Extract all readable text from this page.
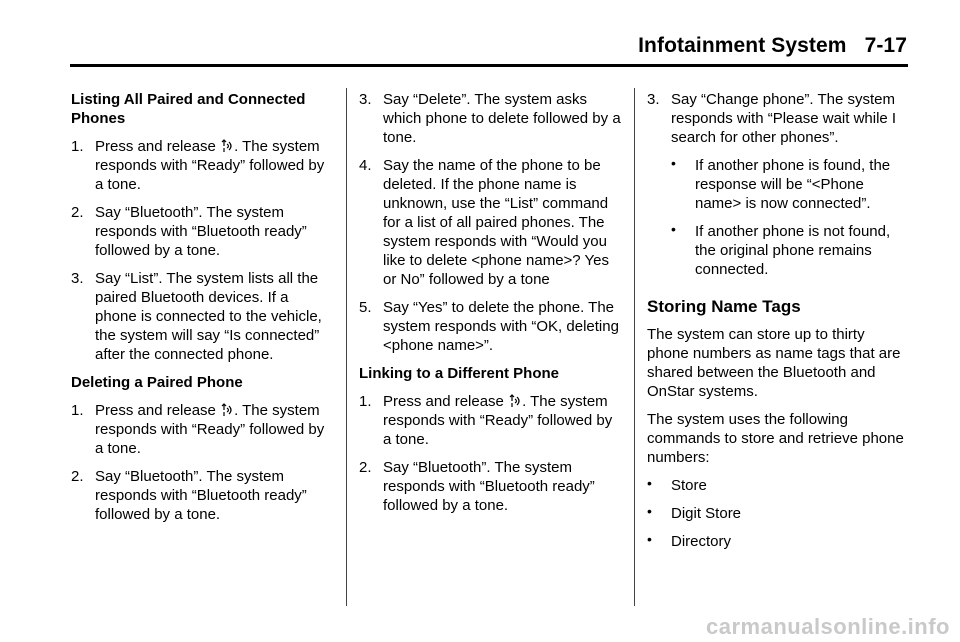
Infotainment System 7-17
Listing All Paired and Connected Phones
1. Press and release . The system responds with “Ready” followed by a tone.
2. Say “Bluetooth”. The system responds with “Bluetooth ready” followed by a tone.
3. Say “List”. The system lists all the paired Bluetooth devices. If a phone is connected to the vehicle, the system will say “Is connected” after the connected phone.
Deleting a Paired Phone
1. Press and release . The system responds with “Ready” followed by a tone.
2. Say “Bluetooth”. The system responds with “Bluetooth ready” followed by a tone.
3. Say “Delete”. The system asks which phone to delete followed by a tone.
4. Say the name of the phone to be deleted. If the phone name is unknown, use the “List” command for a list of all paired phones. The system responds with “Would you like to delete <phone name>? Yes or No” followed by a tone
5. Say “Yes” to delete the phone. The system responds with “OK, deleting <phone name>”.
Linking to a Different Phone
1. Press and release . The system responds with “Ready” followed by a tone.
2. Say “Bluetooth”. The system responds with “Bluetooth ready” followed by a tone.
3. Say “Change phone”. The system responds with “Please wait while I search for other phones”.
• If another phone is found, the response will be “<Phone name> is now connected”.
• If another phone is not found, the original phone remains connected.
Storing Name Tags
The system can store up to thirty phone numbers as name tags that are shared between the Bluetooth and OnStar systems.
The system uses the following commands to store and retrieve phone numbers:
• Store
• Digit Store
• Directory
carmanualsonline.info
